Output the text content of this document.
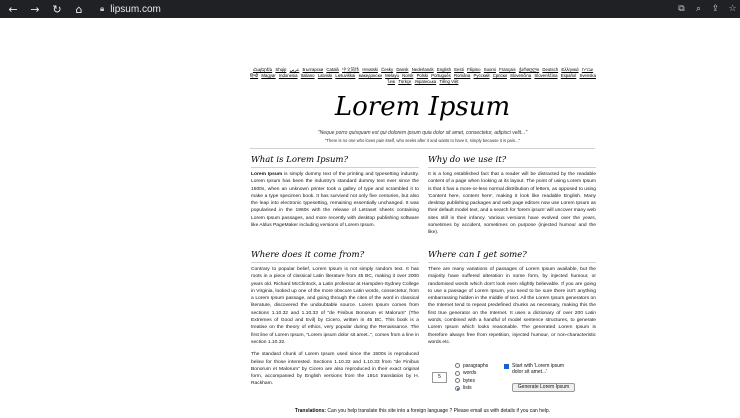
← → ↻ ⌂ 🔒︎ lipsum.com	⧉	⌕	⇪ ☆
Հայերեն Shqip عربي Български Català 中文简体 Hrvatski Česky Dansk Nederlands English Eesti Filipino Suomi Français ქართული Deutsch Ελληνικά עברית हिन्दी Magyar Indonesia Italiano Latviski Lietuviškai македонски Melayu Norsk Polski Português Româna Pyccкий Српски Slovenčina Slovenščina Español Svenska ไทย Türkçe Українська Tiếng Việt
Lorem Ipsum
"Neque porro quisquam est qui dolorem ipsum quia dolor sit amet, consectetur, adipisci velit..."
"There is no one who loves pain itself, who seeks after it and wants to have it, simply because it is pain..."
What is Lorem Ipsum?

Lorem Ipsum is simply dummy text of the printing and typesetting industry. Lorem Ipsum has been the industry's standard dummy text ever since the 1500s, when an unknown printer took a galley of type and scrambled it to make a type specimen book. It has survived not only five centuries, but also the leap into electronic typesetting, remaining essentially unchanged. It was popularised in the 1960s with the release of Letraset sheets containing Lorem Ipsum passages, and more recently with desktop publishing software like Aldus PageMaker including versions of Lorem Ipsum.

Where does it come from?

Contrary to popular belief, Lorem Ipsum is not simply random text. It has roots in a piece of classical Latin literature from 45 BC, making it over 2000 years old. Richard McClintock, a Latin professor at Hampden-Sydney College in Virginia, looked up one of the more obscure Latin words, consectetur, from a Lorem Ipsum passage, and going through the cites of the word in classical literature, discovered the undoubtable source. Lorem Ipsum comes from sections 1.10.32 and 1.10.33 of "de Finibus Bonorum et Malorum" (The Extremes of Good and Evil) by Cicero, written in 45 BC. This book is a treatise on the theory of ethics, very popular during the Renaissance. The first line of Lorem Ipsum, "Lorem ipsum dolor sit amet..", comes from a line in section 1.10.32.

The standard chunk of Lorem Ipsum used since the 1500s is reproduced below for those interested. Sections 1.10.32 and 1.10.33 from "de Finibus Bonorum et Malorum" by Cicero are also reproduced in their exact original form, accompanied by English versions from the 1914 translation by H. Rackham.

Why do we use it?

It is a long established fact that a reader will be distracted by the readable content of a page when looking at its layout. The point of using Lorem Ipsum is that it has a more-or-less normal distribution of letters, as opposed to using 'Content here, content here', making it look like readable English. Many desktop publishing packages and web page editors now use Lorem Ipsum as their default model text, and a search for 'lorem ipsum' will uncover many web sites still in their infancy. Various versions have evolved over the years, sometimes by accident, sometimes on purpose (injected humour and the like).

Where can I get some?

There are many variations of passages of Lorem Ipsum available, but the majority have suffered alteration in some form, by injected humour, or randomised words which don't look even slightly believable. If you are going to use a passage of Lorem Ipsum, you need to be sure there isn't anything embarrassing hidden in the middle of text. All the Lorem Ipsum generators on the Internet tend to repeat predefined chunks as necessary, making this the first true generator on the Internet. It uses a dictionary of over 200 Latin words, combined with a handful of model sentence structures, to generate Lorem Ipsum which looks reasonable. The generated Lorem Ipsum is therefore always free from repetition, injected humour, or non-characteristic words etc.

5
paragraphs
words
bytes
lists
Start with 'Lorem ipsum dolor sit amet...'
Generate Lorem Ipsum
Translations: Can you help translate this site into a foreign language ? Please email us with details if you can help.
